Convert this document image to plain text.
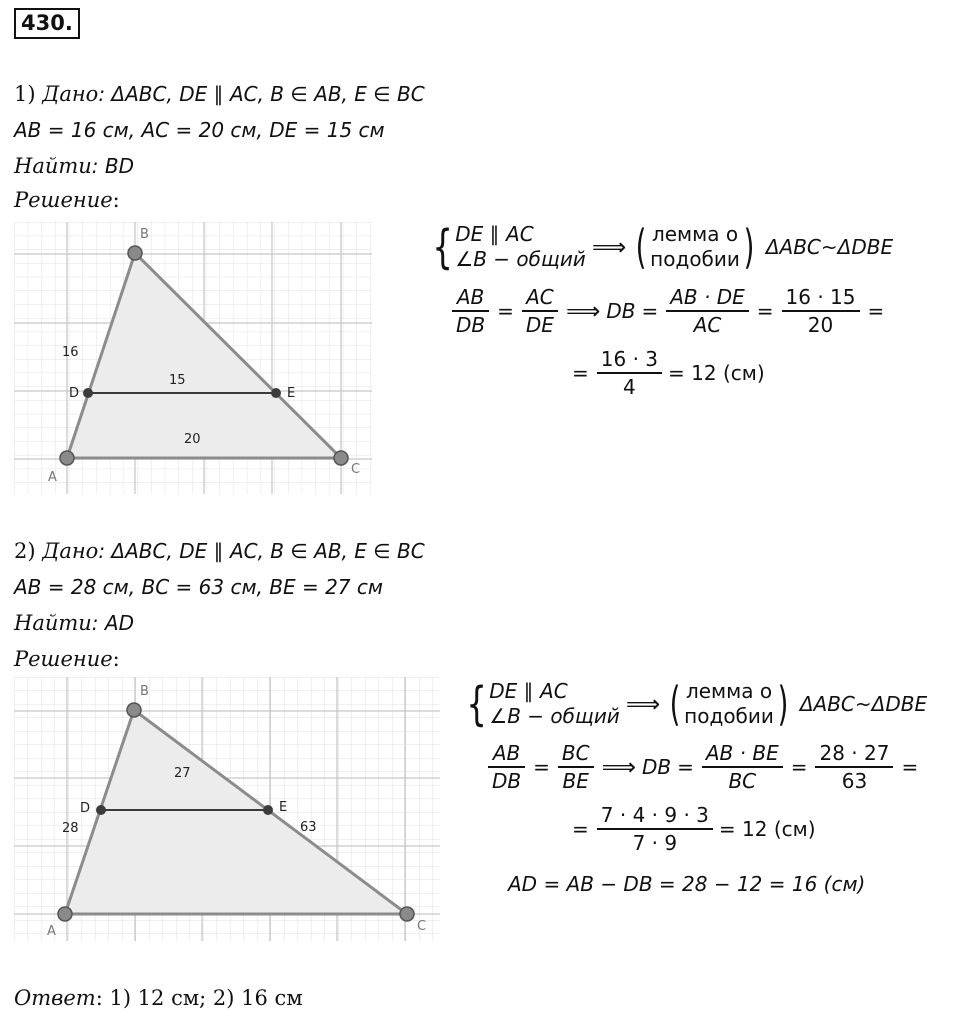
430.
1) Дано: ΔABC, DE ∥ AC, B ∈ AB, E ∈ BC
AB = 16 см, AC = 20 см, DE = 15 см
Найти: BD
Решение:
A
B
C
D	E
16
15
20
{ DE ∥ AC
∠B − общий ⟹ ( лемма о
подобии ) ΔABC~ΔDBE
$\frac{AB}{DB} = \frac{AC}{DE}$ ⟹ DB = $\frac{AB \cdot DE}{AC} = \frac{16 \cdot 15}{20}$ =
= $\frac{16 \cdot 3}{4} = 12$ (см)
2) Дано: ΔABC, DE ∥ AC, B ∈ AB, E ∈ BC
AB = 28 см, BC = 63 см, BE = 27 см
Найти: AD
Решение:
A
B
C
D	E
28
27
63
{ DE ∥ AC
∠B − общий ⟹ ( лемма о
подобии ) ΔABC~ΔDBE
$\frac{AB}{DB} = \frac{BC}{BE}$ ⟹ DB = $\frac{AB \cdot BE}{BC} = \frac{28 \cdot 27}{63}$ =
= $\frac{7 \cdot 4 \cdot 9 \cdot 3}{7 \cdot 9} = 12$ (см)
AD = AB − DB = 28 − 12 = 16 (см)
Ответ: 1) 12 см; 2) 16 см
